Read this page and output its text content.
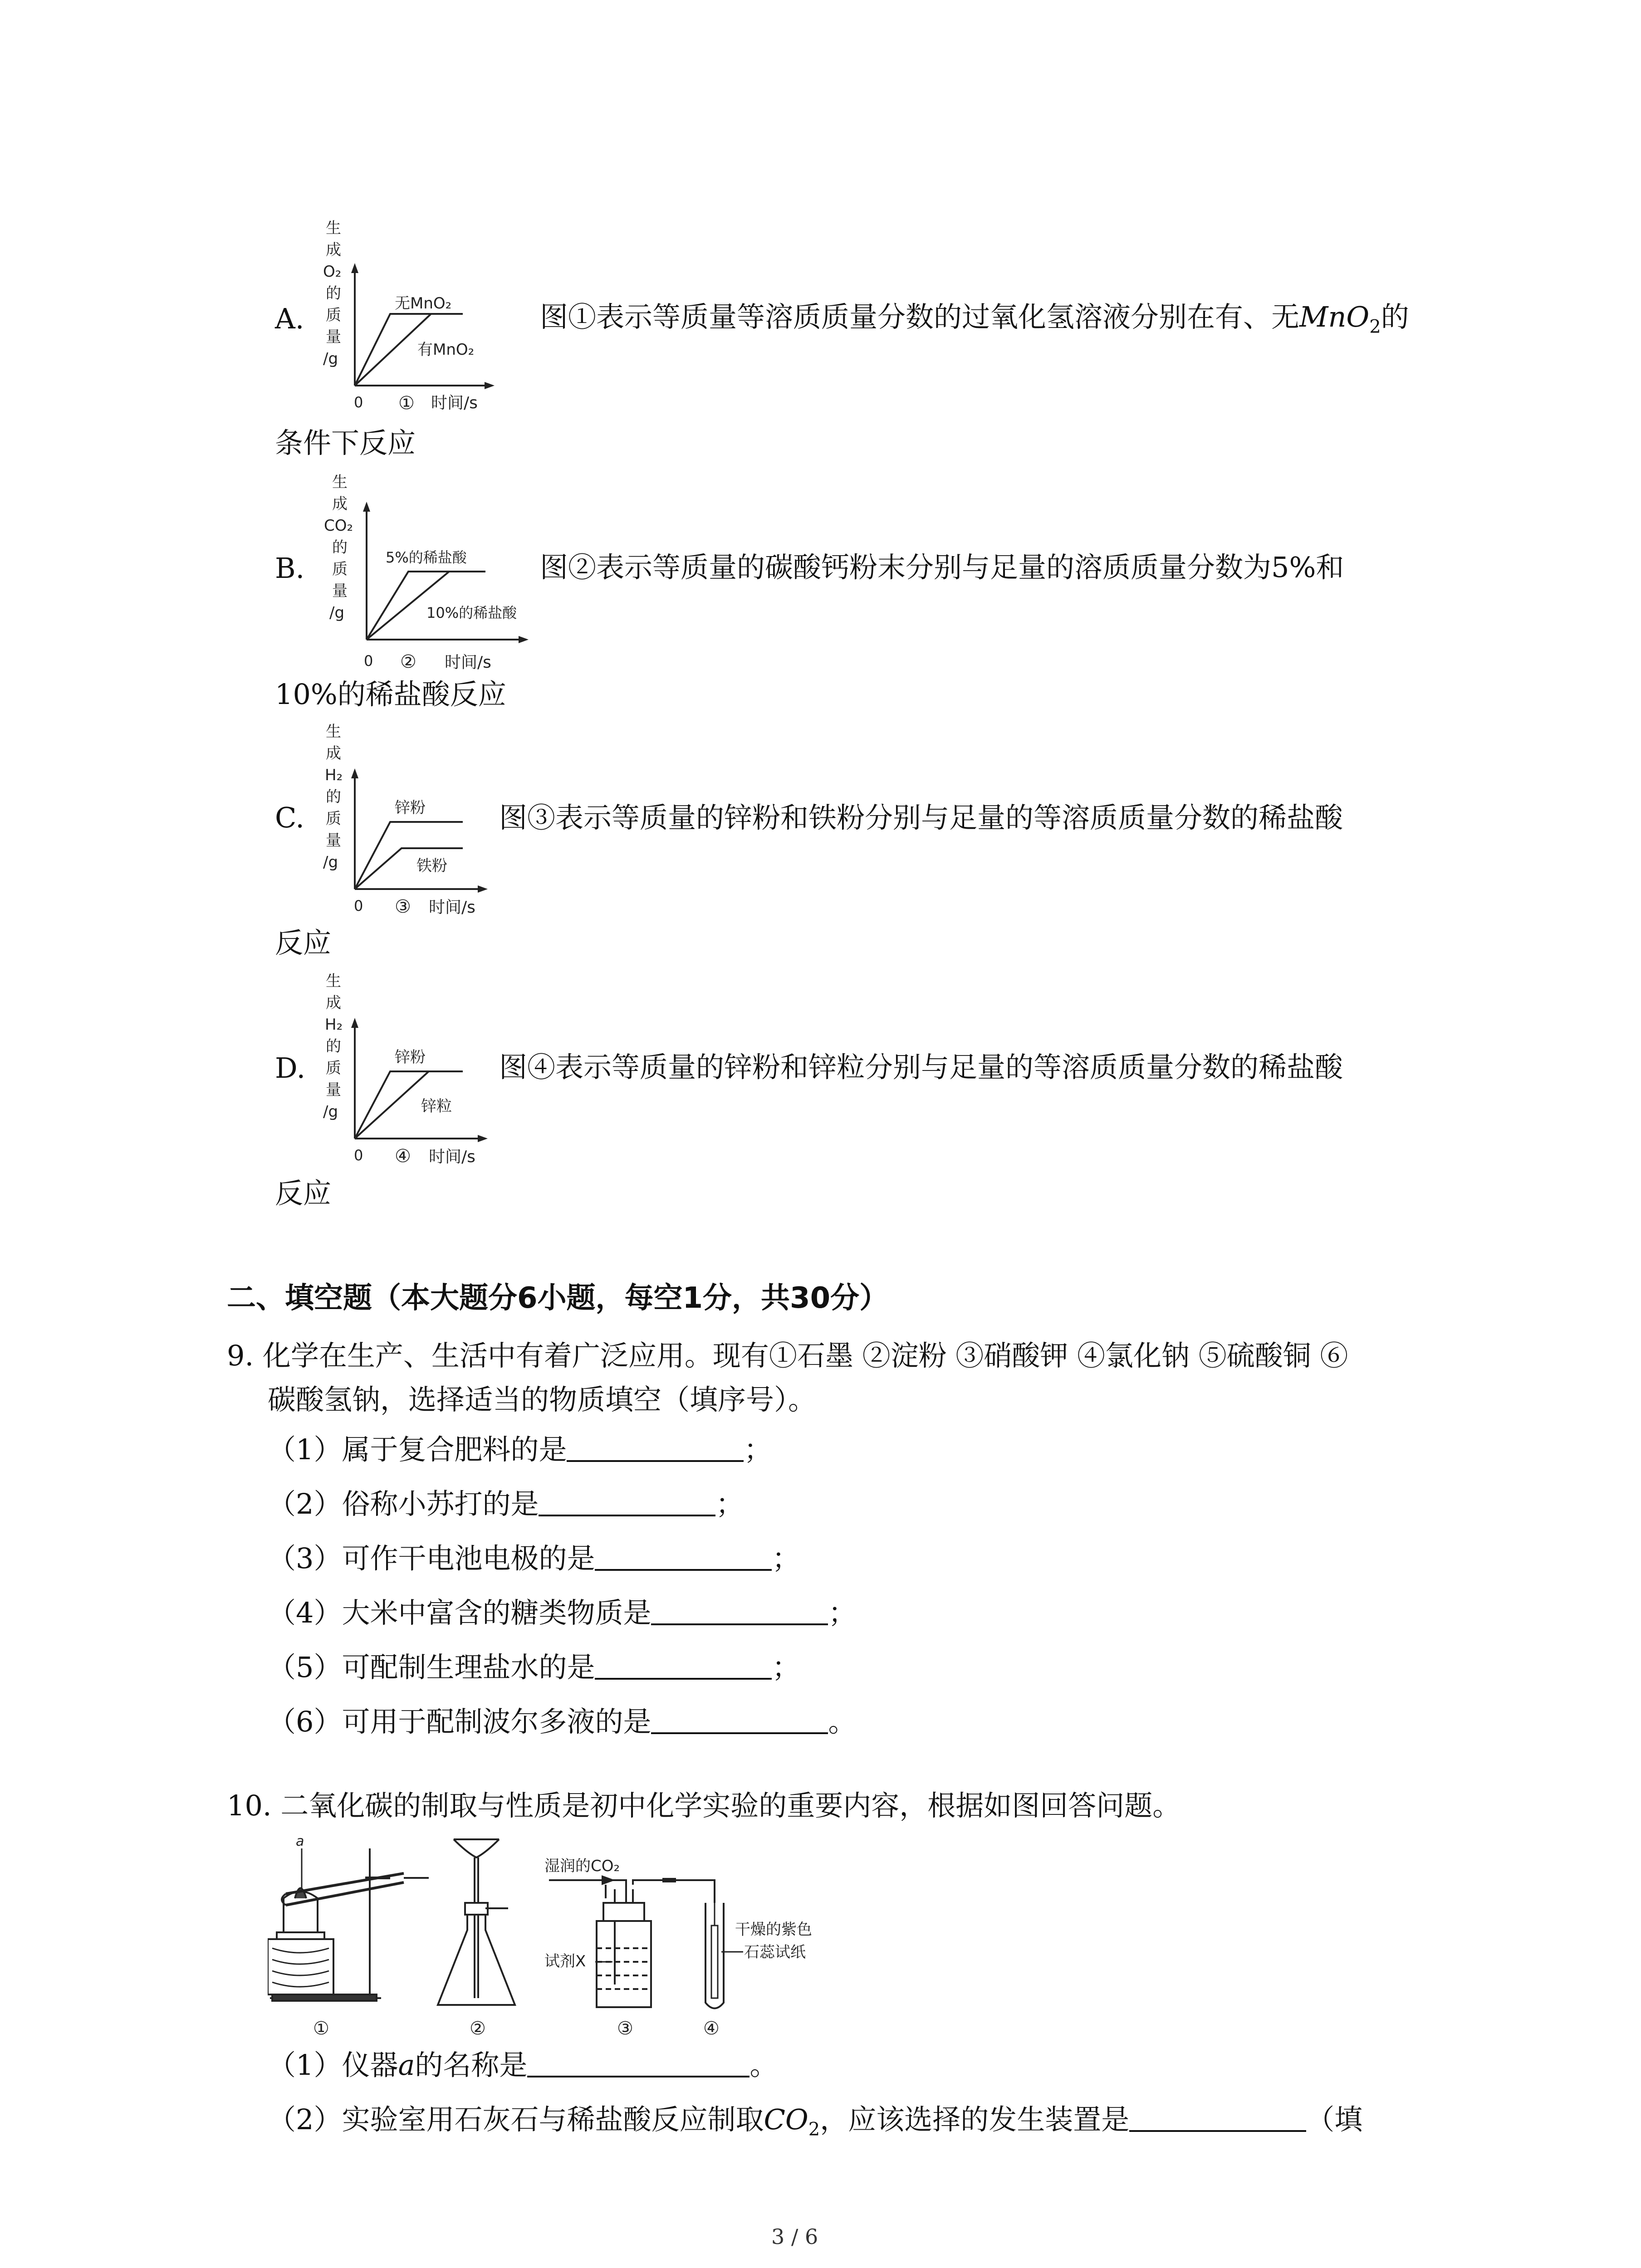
A.
生
成
O₂
的
质
量
/g
无MnO₂
有MnO₂
0 ① 时间/s
图①表示等质量等溶质质量分数的过氧化氢溶液分别在有、无MnO$_2$的
条件下反应
B.
生
成
CO₂
的
质
量
/g
5%的稀盐酸
10%的稀盐酸
0 ② 时间/s
图②表示等质量的碳酸钙粉末分别与足量的溶质质量分数为5%和
10%的稀盐酸反应
C.
生
成
H₂
的
质
量
/g
锌粉
铁粉
0 ③ 时间/s
图③表示等质量的锌粉和铁粉分别与足量的等溶质质量分数的稀盐酸
反应
D.
生
成
H₂
的
质
量
/g
锌粉
锌粒
0 ④ 时间/s
图④表示等质量的锌粉和锌粒分别与足量的等溶质质量分数的稀盐酸
反应
二、填空题（本大题分6小题，每空1分，共30分）
9. 化学在生产、生活中有着广泛应用。现有①石墨 ②淀粉 ③硝酸钾 ④氯化钠 ⑤硫酸铜 ⑥
碳酸氢钠，选择适当的物质填空（填序号）。
（1）属于复合肥料的是	；
（2）俗称小苏打的是	；
（3）可作干电池电极的是	；
（4）大米中富含的糖类物质是	；
（5）可配制生理盐水的是	；
（6）可用于配制波尔多液的是	。
10. 二氧化碳的制取与性质是初中化学实验的重要内容，根据如图回答问题。
a
①	②
湿润的CO₂
试剂X
③
干燥的紫色
石蕊试纸
④
（1）仪器a的名称是	。
（2）实验室用石灰石与稀盐酸反应制取$CO_2$，应该选择的发生装置是	（填
3 / 6
